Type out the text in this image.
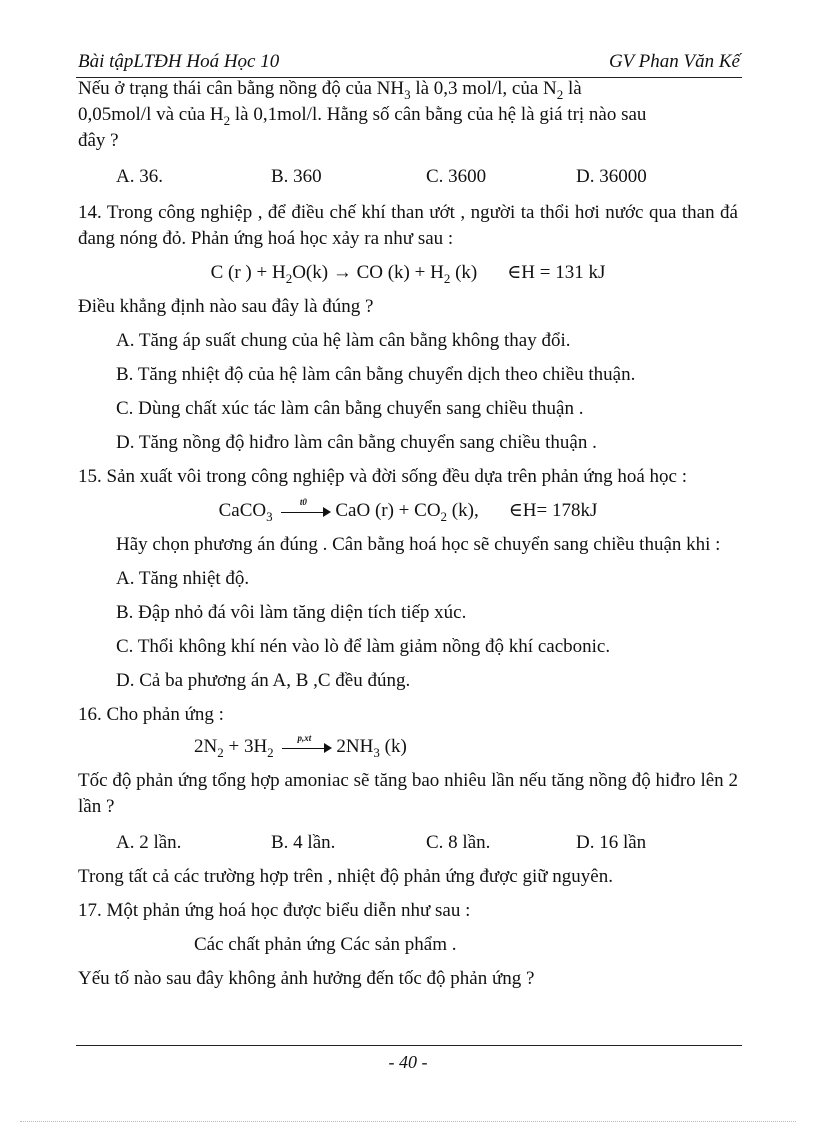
Bài tậpLTĐH Hoá Học 10	GV Phan Văn Kế

Nếu ở trạng thái cân bằng nồng độ của $NH_3$ là 0,3 mol/l, của $N_2$ là
0,05mol/l và của $H_2$ là 0,1mol/l. Hằng số cân bằng của hệ là giá trị nào sau
đây ?

A. 36.	B. 360	C. 3600	D. 36000

14. Trong công nghiệp , để điều chế khí than ướt , người ta thổi hơi nước qua than đá đang nóng đỏ. Phản ứng hoá học xảy ra như sau :

C (r ) + $H_2O(k)$ → CO $(k) + H_2$ (k) ∈H = 131 kJ

Điều khẳng định nào sau đây là đúng ?

A. Tăng áp suất chung của hệ làm cân bằng không thay đổi.

B. Tăng nhiệt độ của hệ làm cân bằng chuyển dịch theo chiều thuận.

C. Dùng chất xúc tác làm cân bằng chuyển sang chiều thuận .

D. Tăng nồng độ hiđro làm cân bằng chuyển sang chiều thuận .

15. Sản xuất vôi trong công nghiệp và đời sống đều dựa trên phản ứng hoá học :

CaCO$_3$
t0	CaO $(r) + CO_2$ (k), ∈H= 178kJ

Hãy chọn phương án đúng . Cân bằng hoá học sẽ chuyển sang chiều thuận khi :

A. Tăng nhiệt độ.

B. Đập nhỏ đá vôi làm tăng diện tích tiếp xúc.

C. Thổi không khí nén vào lò để làm giảm nồng độ khí cacbonic.

D. Cả ba phương án A, B ,C đều đúng.

16. Cho phản ứng :

$2N_2 + 3H_2$
p,xt	$2NH_3$ (k)

Tốc độ phản ứng tổng hợp amoniac sẽ tăng bao nhiêu lần nếu tăng nồng độ hiđro lên 2 lần ?

A. 2 lần.	B. 4 lần.	C. 8 lần.	D. 16 lần

Trong tất cả các trường hợp trên , nhiệt độ phản ứng được giữ nguyên.

17. Một phản ứng hoá học được biểu diễn như sau :

Các chất phản ứng Các sản phẩm .

Yếu tố nào sau đây không ảnh hưởng đến tốc độ phản ứng ?

- 40 -
